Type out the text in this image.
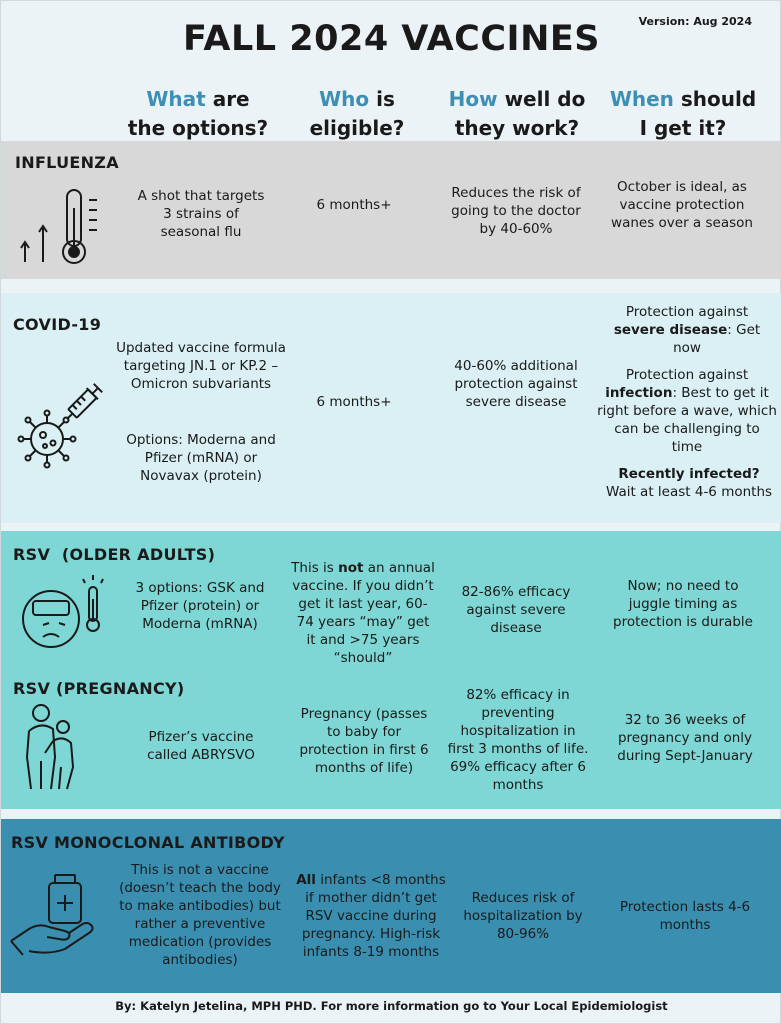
Version: Aug 2024
FALL 2024 VACCINES
What are
the options?
Who is
eligible?
How well do
they work?
When should
I get it?
INFLUENZA
A shot that targets 3 strains of seasonal flu
6 months+
Reduces the risk of going to the doctor by 40-60%
October is ideal, as vaccine protection wanes over a season
COVID-19
Updated vaccine formula targeting JN.1 or KP.2 – Omicron subvariants
Options: Moderna and Pfizer (mRNA) or Novavax (protein)
6 months+
40-60% additional protection against severe disease
Protection against
severe disease: Get now
Protection against
infection: Best to get it right before a wave, which can be challenging to time
Recently infected?
Wait at least 4-6 months
RSV  (OLDER ADULTS)
3 options: GSK and Pfizer (protein) or Moderna (mRNA)
This is not an annual vaccine. If you didn’t get it last year, 60-74 years “may” get it and >75 years “should”
82-86% efficacy against severe disease
Now; no need to juggle timing as protection is durable
RSV (PREGNANCY)
Pfizer’s vaccine called ABRYSVO
Pregnancy (passes to baby for protection in first 6 months of life)
82% efficacy in preventing hospitalization in first 3 months of life. 69% efficacy after 6 months
32 to 36 weeks of pregnancy and only during Sept-January
RSV MONOCLONAL ANTIBODY
This is not a vaccine (doesn’t teach the body to make antibodies) but rather a preventive medication (provides antibodies)
All infants <8 months if mother didn’t get RSV vaccine during pregnancy. High-risk infants 8-19 months
Reduces risk of hospitalization by 80-96%
Protection lasts 4-6 months
By: Katelyn Jetelina, MPH PHD. For more information go to Your Local Epidemiologist
